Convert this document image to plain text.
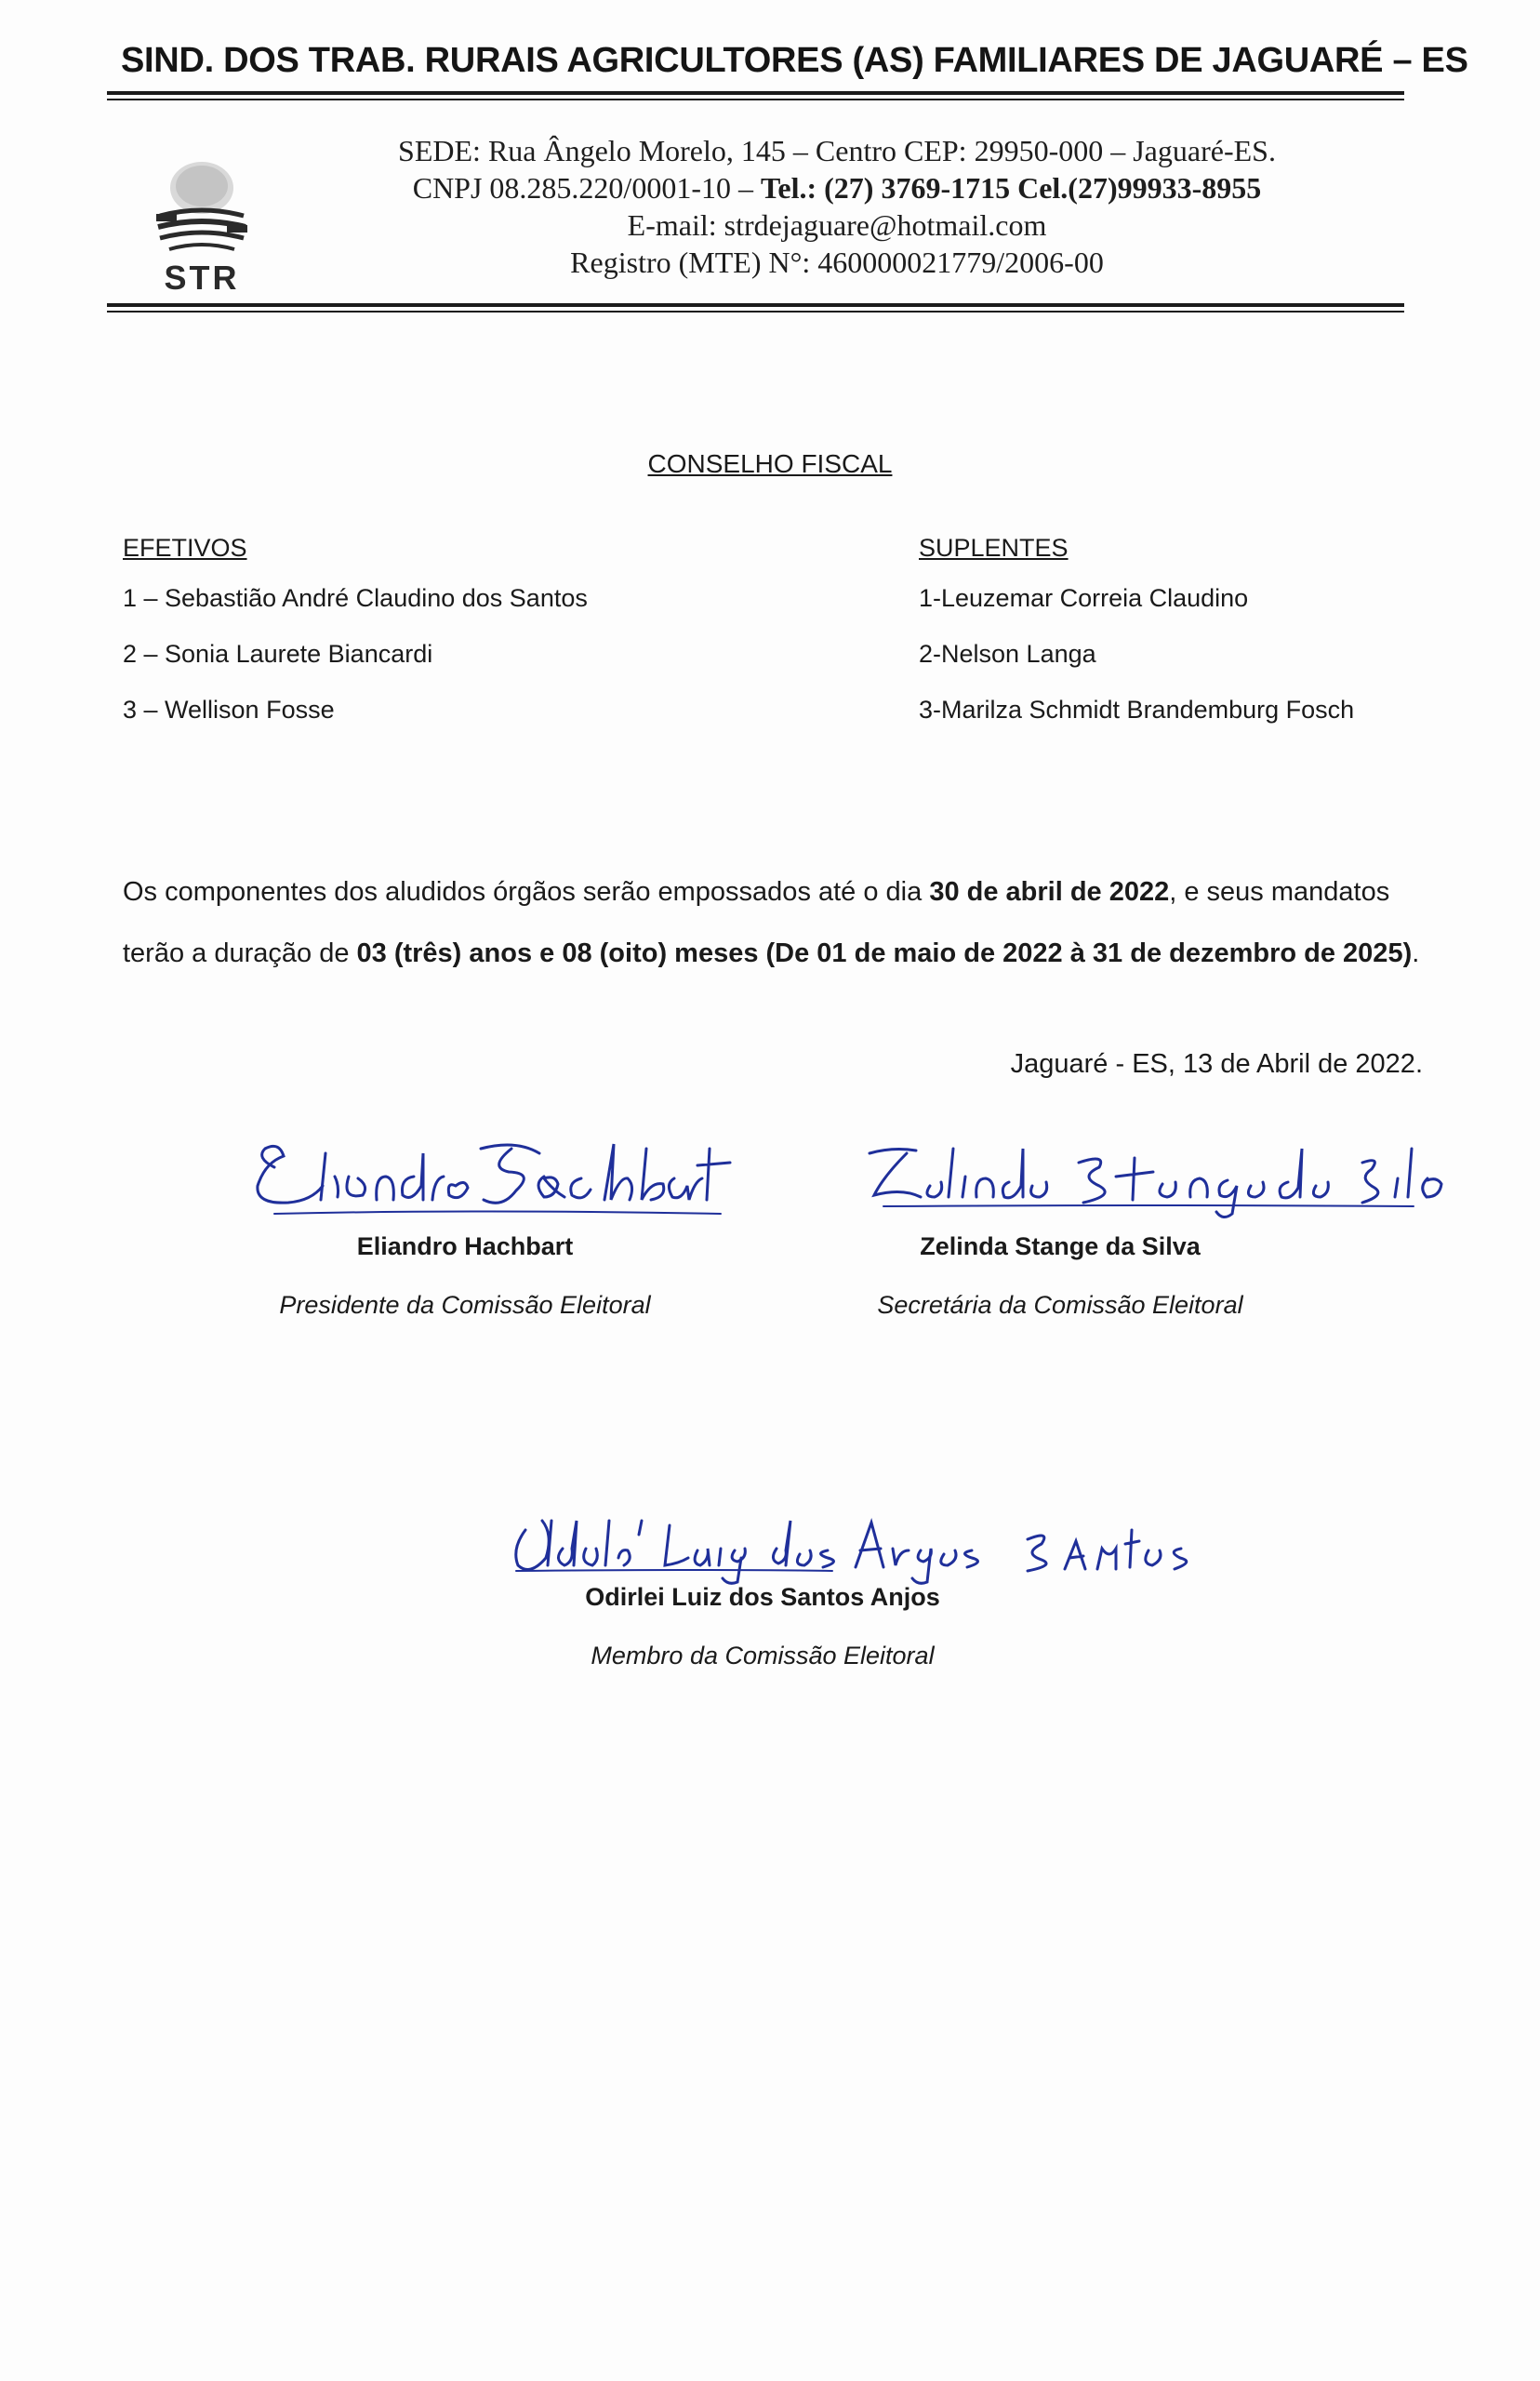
SIND. DOS TRAB. RURAIS AGRICULTORES (AS) FAMILIARES DE JAGUARÉ – ES
STR
SEDE: Rua Ângelo Morelo, 145 – Centro CEP: 29950-000 – Jaguaré-ES.
CNPJ 08.285.220/0001-10 – Tel.: (27) 3769-1715 Cel.(27)99933-8955
E-mail: strdejaguare@hotmail.com
Registro (MTE) N°: 460000021779/2006-00
CONSELHO FISCAL
EFETIVOS
1 – Sebastião André Claudino dos Santos
2 – Sonia Laurete Biancardi
3 – Wellison Fosse
SUPLENTES
1-Leuzemar Correia Claudino
2-Nelson Langa
3-Marilza Schmidt Brandemburg Fosch

Os componentes dos aludidos órgãos serão empossados até o dia 30 de abril de 2022, e seus mandatos

terão a duração de 03 (três) anos e 08 (oito) meses (De 01 de maio de 2022 à 31 de dezembro de 2025).

Jaguaré - ES, 13 de Abril de 2022.
Eliandro Hachbart
Presidente da Comissão Eleitoral
Zelinda Stange da Silva
Secretária da Comissão Eleitoral
Odirlei Luiz dos Santos Anjos
Membro da Comissão Eleitoral
